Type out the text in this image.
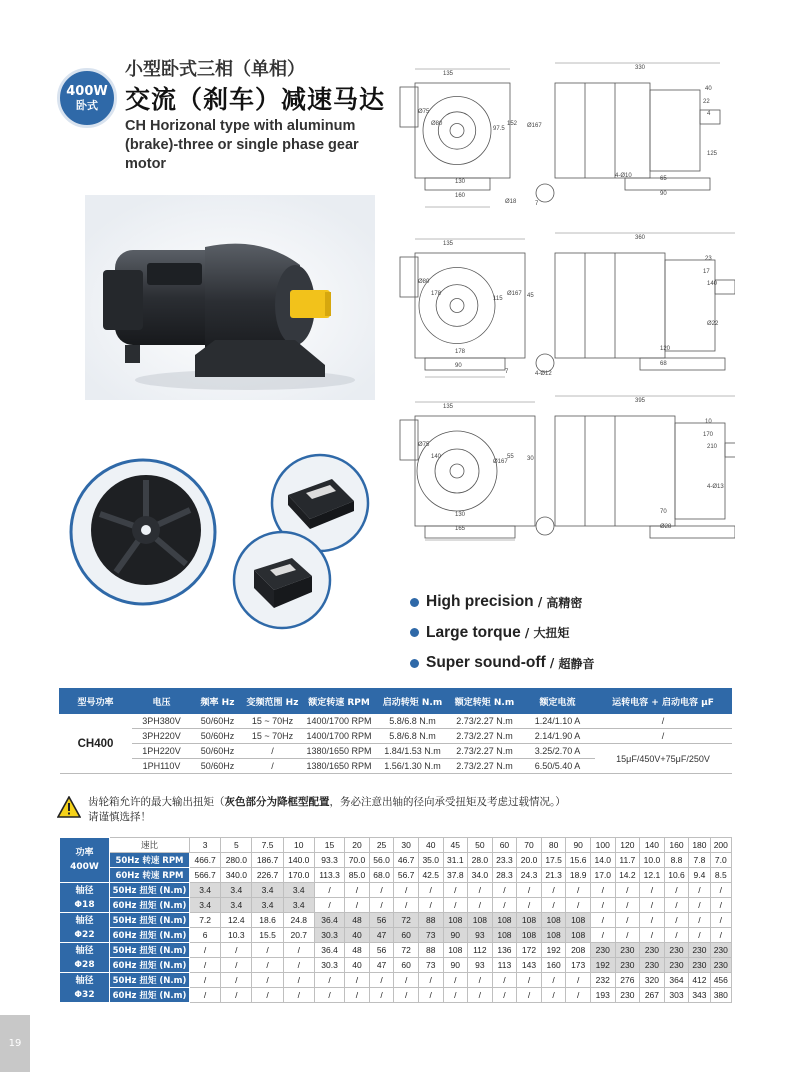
400W
卧式
小型卧式三相（单相）
交流（刹车）减速马达
CH Horizonal type with aluminum (brake)-three or single phase gear motor
135
330
Ø75
Ø80
97.5
152 Ø167
40
22
4
130
160
65
90
125
Ø18	7
4-Ø10
135
360
Ø80
178
115
Ø167 45
23
17
140
178
90
120
68
Ø22
7	4-Ø12
135
395
Ø75
140
Ø167
55 30
10
170
210
130
165
70
Ø28
4-Ø13
High precision / 高精密
Large torque / 大扭矩
Super sound-off / 超静音
型号功率	电压	频率 Hz	变频范围 Hz	额定转速 RPM	启动转矩 N.m	额定转矩 N.m	额定电流	运转电容 + 启动电容 μF
CH400	3PH380V	50/60Hz	15 ~ 70Hz	1400/1700 RPM	5.8/6.8 N.m	2.73/2.27 N.m	1.24/1.10 A	/
	3PH220V	50/60Hz	15 ~ 70Hz	1400/1700 RPM	5.8/6.8 N.m	2.73/2.27 N.m	2.14/1.90 A	/
	1PH220V	50/60Hz	/	1380/1650 RPM	1.84/1.53 N.m	2.73/2.27 N.m	3.25/2.70 A	15μF/450V+75μF/250V
	1PH110V	50/60Hz	/	1380/1650 RPM	1.56/1.30 N.m	2.73/2.27 N.m	6.50/5.40 A	
齿轮箱允许的最大输出扭矩（灰色部分为降框型配置，务必注意出轴的径向承受扭矩及考虑过载情况。）
请谨慎选择！
功率
400W	速比	3	5	7.5	10	15	20	25	30	40	45	50	60	70	80	90	100	120	140	160	180	200
	50Hz 转速 RPM	466.7	280.0	186.7	140.0	93.3	70.0	56.0	46.7	35.0	31.1	28.0	23.3	20.0	17.5	15.6	14.0	11.7	10.0	8.8	7.8	7.0
	60Hz 转速 RPM	566.7	340.0	226.7	170.0	113.3	85.0	68.0	56.7	42.5	37.8	34.0	28.3	24.3	21.3	18.9	17.0	14.2	12.1	10.6	9.4	8.5
轴径
Φ18	50Hz 扭矩 (N.m)	3.4	3.4	3.4	3.4	/	/	/	/	/	/	/	/	/	/	/	/	/	/	/	/	/
	60Hz 扭矩 (N.m)	3.4	3.4	3.4	3.4	/	/	/	/	/	/	/	/	/	/	/	/	/	/	/	/	/
轴径
Φ22	50Hz 扭矩 (N.m)	7.2	12.4	18.6	24.8	36.4	48	56	72	88	108	108	108	108	108	108	/	/	/	/	/	/
	60Hz 扭矩 (N.m)	6	10.3	15.5	20.7	30.3	40	47	60	73	90	93	108	108	108	108	/	/	/	/	/	/
轴径
Φ28	50Hz 扭矩 (N.m)	/	/	/	/	36.4	48	56	72	88	108	112	136	172	192	208	230	230	230	230	230	230
	60Hz 扭矩 (N.m)	/	/	/	/	30.3	40	47	60	73	90	93	113	143	160	173	192	230	230	230	230	230
轴径
Φ32	50Hz 扭矩 (N.m)	/	/	/	/	/	/	/	/	/	/	/	/	/	/	/	232	276	320	364	412	456
	60Hz 扭矩 (N.m)	/	/	/	/	/	/	/	/	/	/	/	/	/	/	/	193	230	267	303	343	380
19
